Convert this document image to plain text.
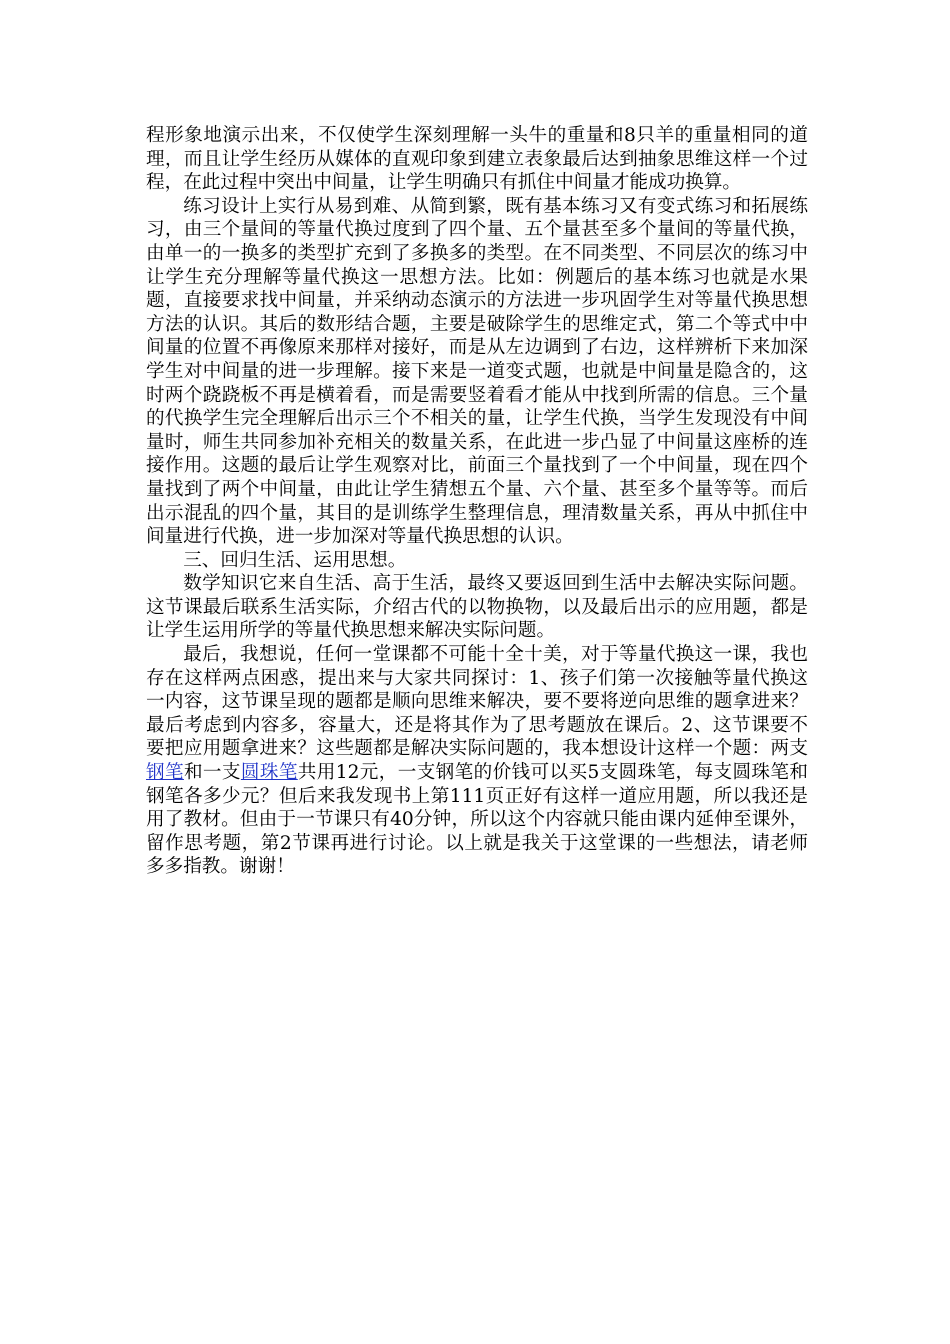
程形象地演示出来，不仅使学生深刻理解一头牛的重量和8只羊的重量相同的道理，而且让学生经历从媒体的直观印象到建立表象最后达到抽象思维这样一个过程，在此过程中突出中间量，让学生明确只有抓住中间量才能成功换算。

练习设计上实行从易到难、从简到繁，既有基本练习又有变式练习和拓展练习，由三个量间的等量代换过度到了四个量、五个量甚至多个量间的等量代换，由单一的一换多的类型扩充到了多换多的类型。在不同类型、不同层次的练习中让学生充分理解等量代换这一思想方法。比如：例题后的基本练习也就是水果题，直接要求找中间量，并采纳动态演示的方法进一步巩固学生对等量代换思想方法的认识。其后的数形结合题，主要是破除学生的思维定式，第二个等式中中间量的位置不再像原来那样对接好，而是从左边调到了右边，这样辨析下来加深学生对中间量的进一步理解。接下来是一道变式题，也就是中间量是隐含的，这时两个跷跷板不再是横着看，而是需要竖着看才能从中找到所需的信息。三个量的代换学生完全理解后出示三个不相关的量，让学生代换，当学生发现没有中间量时，师生共同参加补充相关的数量关系，在此进一步凸显了中间量这座桥的连接作用。这题的最后让学生观察对比，前面三个量找到了一个中间量，现在四个量找到了两个中间量，由此让学生猜想五个量、六个量、甚至多个量等等。而后出示混乱的四个量，其目的是训练学生整理信息，理清数量关系，再从中抓住中间量进行代换，进一步加深对等量代换思想的认识。

三、回归生活、运用思想。

数学知识它来自生活、高于生活，最终又要返回到生活中去解决实际问题。这节课最后联系生活实际，介绍古代的以物换物，以及最后出示的应用题，都是让学生运用所学的等量代换思想来解决实际问题。

最后，我想说，任何一堂课都不可能十全十美，对于等量代换这一课，我也存在这样两点困惑，提出来与大家共同探讨：1、孩子们第一次接触等量代换这一内容，这节课呈现的题都是顺向思维来解决，要不要将逆向思维的题拿进来？最后考虑到内容多，容量大，还是将其作为了思考题放在课后。2、这节课要不要把应用题拿进来？这些题都是解决实际问题的，我本想设计这样一个题：两支钢笔和一支圆珠笔共用12元，一支钢笔的价钱可以买5支圆珠笔，每支圆珠笔和钢笔各多少元？但后来我发现书上第111页正好有这样一道应用题，所以我还是用了教材。但由于一节课只有40分钟，所以这个内容就只能由课内延伸至课外，留作思考题，第2节课再进行讨论。以上就是我关于这堂课的一些想法，请老师多多指教。谢谢！
